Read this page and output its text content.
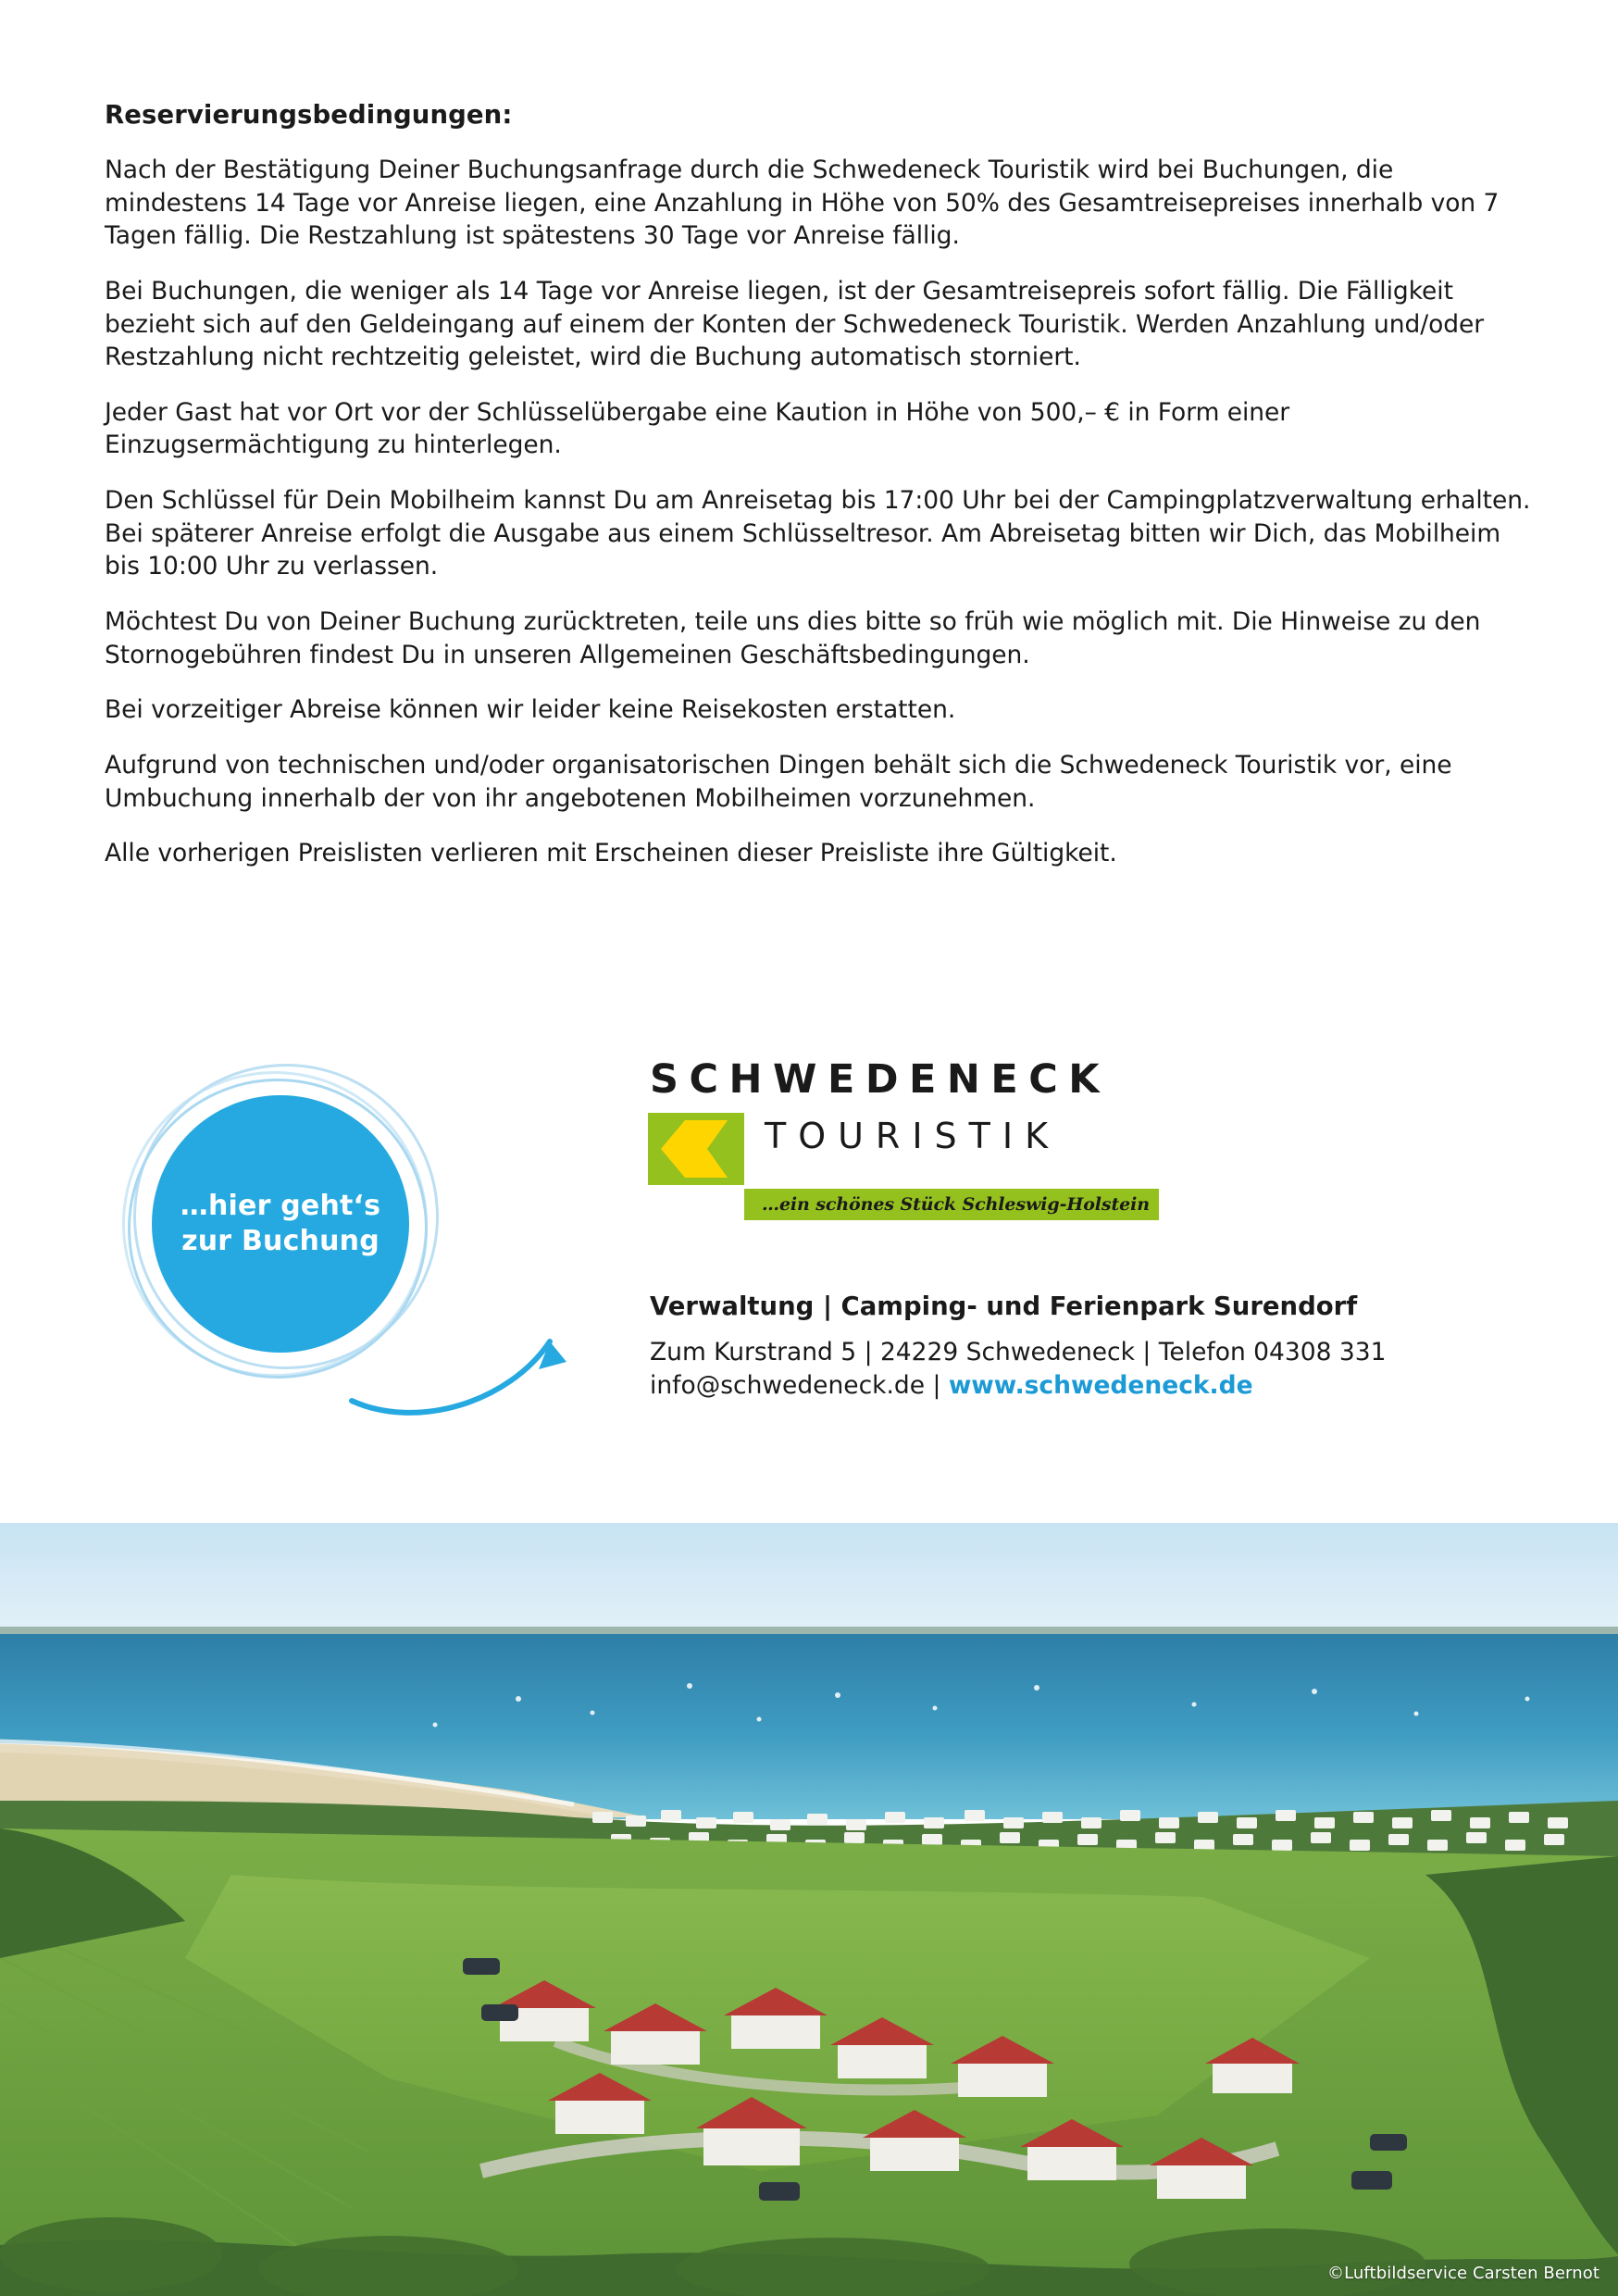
Reservierungsbedingungen:

Nach der Bestätigung Deiner Buchungsanfrage durch die Schwedeneck Touristik wird bei Buchungen, die mindestens 14 Tage vor Anreise liegen, eine Anzahlung in Höhe von 50% des Gesamtreisepreises innerhalb von 7 Tagen fällig. Die Restzahlung ist spätestens 30 Tage vor Anreise fällig.

Bei Buchungen, die weniger als 14 Tage vor Anreise liegen, ist der Gesamtreisepreis sofort fällig. Die Fälligkeit bezieht sich auf den Geldeingang auf einem der Konten der Schwedeneck Touristik. Werden Anzahlung und/oder Restzahlung nicht rechtzeitig geleistet, wird die Buchung automatisch storniert.

Jeder Gast hat vor Ort vor der Schlüsselübergabe eine Kaution in Höhe von 500,– € in Form einer Einzugsermächtigung zu hinterlegen.

Den Schlüssel für Dein Mobilheim kannst Du am Anreisetag bis 17:00 Uhr bei der Campingplatzverwaltung erhalten. Bei späterer Anreise erfolgt die Ausgabe aus einem Schlüsseltresor. Am Abreisetag bitten wir Dich, das Mobilheim bis 10:00 Uhr zu verlassen.

Möchtest Du von Deiner Buchung zurücktreten, teile uns dies bitte so früh wie möglich mit. Die Hinweise zu den Stornogebühren findest Du in unseren Allgemeinen Geschäftsbedingungen.

Bei vorzeitiger Abreise können wir leider keine Reisekosten erstatten.

Aufgrund von technischen und/oder organisatorischen Dingen behält sich die Schwedeneck Touristik vor, eine Umbuchung innerhalb der von ihr angebotenen Mobilheimen vorzunehmen.

Alle vorherigen Preislisten verlieren mit Erscheinen dieser Preisliste ihre Gültigkeit.

…hier geht‘s
zur Buchung
SCHWEDENECK
TOURISTIK
…ein schönes Stück Schleswig-Holstein
Verwaltung | Camping- und Ferienpark Surendorf
Zum Kurstrand 5 | 24229 Schwedeneck | Telefon 04308 331
info@schwedeneck.de | www.schwedeneck.de
©Luftbildservice Carsten Bernot
